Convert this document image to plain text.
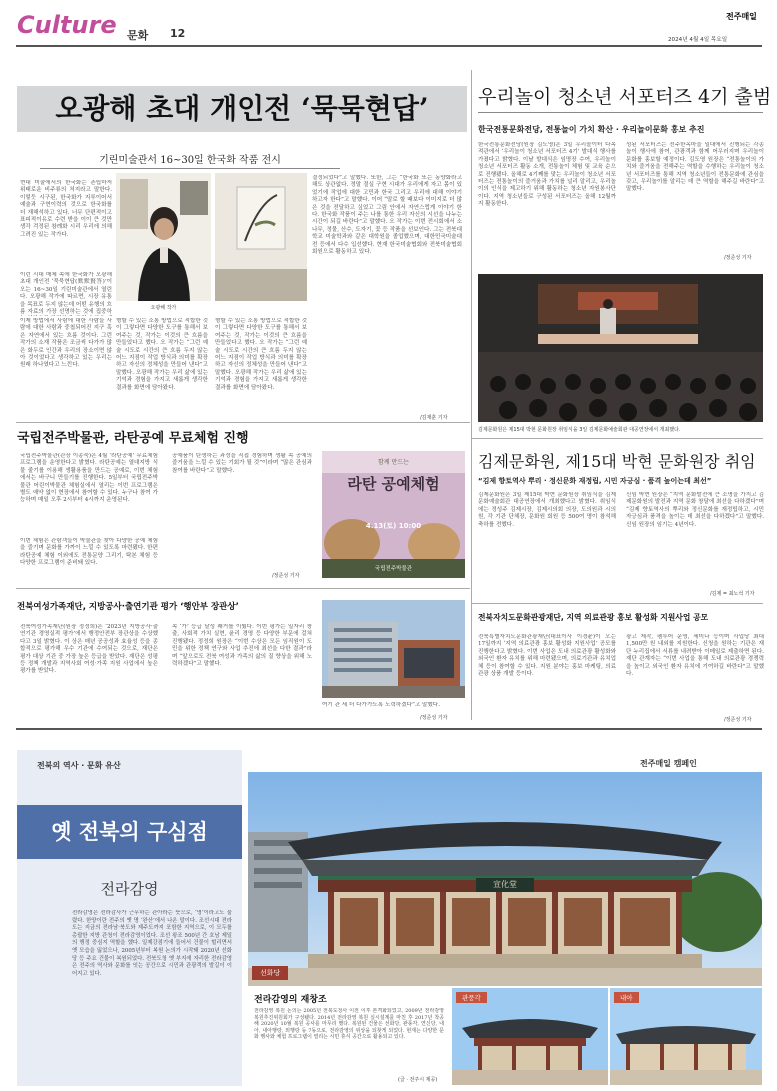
Culture 문화 12
전주매일
2024년 4월 4일 목요일
오광해 초대 개인전 ‘묵묵현답’
기린미술관서 16~30일 한국화 작품 전시
현대 미술에서의 한국화는 존립마저 위태로운 비주류의 처지라고 말한다. 이렇듯 시구된, 한국화가 지루이어서 예술과 구현이력의 것으로 한국화를 더 재해석하고 있다. 너무 단편적이고 표피적이유로 수련 받을 이이 큰 것만 생각 걱정된 참례화 시리 우리에 의해 그려진 있는 작가다.
이런 시대 매체 속에 한국화가 오광해 초대 개인전 ‘묵묵현답(默默賢答)’이 오는 16~30일 기린미술관에서 열린다. 오광해 작가에 따르면, 시장 유통을 목표로 두지 않는데 어떤 유행의 흐름 자료의 가장 선명하는 것에 집중하
오광해 작가
이제 방법에서 사람에 대한 사람들 사람에 대한 사람과 중첩되어진 지구 혹은 자연에서 있는 흐름 것이다. 그런 작가의 소재 작품은 조금씩 다가가 많은 화두로 인간과 우리의 장소이면 않아 것이었다고 생각하고 있는 우리는 원래 하나였다고 느낀다.
형할 수 있는 소통 방법으로 적합한 것이 그렇다면 다양한 도구를 통해서 보여주는 것, 작가는 이것의 큰 흐름을 만들었다고 했다. 오 작가는 “그런 예술 시도로 시간의 큰 흐름 두지 않는 어느 지점이 작업 방식과 의미를 확장하고 자신의 정체성을 만들어 낸다”고 말했다. 오광해 작가는 우리 삶에 있는 기억과 경험을 가지고 새롭게 생각한 결과를 화면에 담아왔다.
형할 수 있는 소통 방법으로 적합한 것이 그렇다면 다양한 도구를 통해서 보여주는 것, 작가는 이것의 큰 흐름을 만들었다고 했다. 오 작가는 “그런 예술 시도로 시간의 큰 흐름 두지 않는 어느 지점이 작업 방식과 의미를 확장하고 자신의 정체성을 만들어 낸다”고 말했다. 오광해 작가는 우리 삶에 있는 기억과 경험을 가지고 새롭게 생각한 결과를 화면에 담아왔다.
결정되었다”고 말했다. 또한, 그는 “한국화 또는 동양화라고 해도 상관없다. 정말 절실 구현 시대가 우리에게 자고 몸이 있었기에 작업에 대한 고민과 한국 그리고 우리에 대해 이야기 하고자 한다”고 말했다. 이어 “말로 할 때보다 이미지로 더 많은 것을 전달하고 싶었고 그림 안에서 자연스럽게 이야기 한다. 한국화 작품이 주는 나를 통한 우리 자신의 시선을 나누는 시간이 되길 바란다”고 말했다. 오 작가는 이번 전시회에서 소나무, 정물, 산수, 도자기, 꽃 등 작품을 선보인다. 그는 전북대학교 미술학과와 같은 대학원을 졸업했으며, 대한민국미술대전 등에서 다수 입선했다. 현재 한국미술협회와 전북미술협회 회원으로 활동하고 있다.
/김재훈 기자
우리놀이 청소년 서포터즈 4기 출범
한국전통문화전당, 전통놀이 가치 확산 · 우리놀이문화 홍보 추진
한국전통문화전당(원장 김도영)은 3일 우리놀이터 다목적관에서 ‘우리놀이 청소년 서포터즈 4기’ 발대식 행사를 가졌다고 밝혔다. 이날 발대식은 임명장 수여, 우리놀이 청소년 서포터즈 활동 소개, 전통놀이 체험 및 교육 순으로 진행됐다. 올해로 4기째를 맞는 우리놀이 청소년 서포터즈는 전통놀이의 즐거움과 가치를 널리 알리고, 우리놀이의 인식을 제고하기 위해 활동하는 청소년 자원봉사단이다. 지역 청소년들로 구성된 서포터즈는 올해 12월까지 활동한다.
성된 서포터즈는 전주한옥마을 일대에서 진행되는 각종 놀이 행사에 참여, 관광객과 함께 어우러지며 우리놀이 문화를 홍보할 예정이다. 김도영 원장은 “전통놀이의 가치와 즐거움을 전해주는 역할을 수행하는 우리놀이 청소년 서포터즈를 통해 지역 청소년들이 전통문화에 관심을 갖고, 우리놀이를 알리는 데 큰 역할을 해주길 바란다”고 말했다.
/정준성 기자
김제문화원은 제15대 박현 문화원장 취임식을 3일 김제문화예술회관 대공연장에서 개최했다.
국립전주박물관, 라탄공예 무료체험 진행
국립전주박물관(관장 이종숙)은 4월 ‘라탄공예’ 무료체험 프로그램을 운영한다고 밝혔다. 라탄공예는 열대지방 식물 줄기를 이용해 생활용품을 만드는 공예로, 이번 체험에서는 바구니 만들기를 진행한다. 5일부터 국립전주박물관 어린이박물관 체험실에서 열리는 이번 프로그램은 별도 예약 없이 현장에서 참여할 수 있다. 누구나 참여 가능하며 매일 오후 2시부터 4시까지 운영된다.
이번 체험은 관람객들이 박물관을 찾아 다양한 공예 체험을 즐기며 문화를 가까이 느낄 수 있도록 마련됐다. 한편 라탄공예 체험 이외에도 전통문양 그리기, 탁본 체험 등 다양한 프로그램이 준비돼 있다.
공예품이 탄생하는 과정을 직접 경험하며 생활 속 공예의 즐거움을 느낄 수 있는 기회가 될 것”이라며 “많은 관심과 참여를 바란다”고 말했다.
/정준성 기자
함께 만드는
라탄 공예체험
4.13(토) 10:00
국립전주박물관
김제문화원, 제15대 박현 문화원장 취임
“김제 향토역사 뿌리 · 정신문화 재정립, 시민 자긍심 · 품격 높이는데 최선”
김제문화원은 3일 제15대 박현 문화원장 취임식을 김제문화예술회관 대공연장에서 개최했다고 밝혔다. 취임식에는 정성주 김제시장, 김제시의회 의장, 도의원과 시의원, 각 기관 단체장, 문화원 회원 등 500여 명이 참석해 축하를 전했다.
신임 박현 원장은 “지역 문화발전에 큰 소명을 가지고 김제문화원의 발전과 지역 문화 창달에 최선을 다하겠다”며 “김제 향토역사의 뿌리와 정신문화를 재정립하고, 시민 자긍심과 품격을 높이는 데 최선을 다하겠다”고 말했다. 신임 원장의 임기는 4년이다.
/김제 = 최노석 기자
전북여성가족재단, 지방공사·출연기관 평가 ‘행안부 장관상’
전북여성가족재단(원장 정정희)은 ‘2023년 지방공사·출연기관 경영실적 평가’에서 행정안전부 장관상을 수상했다고 3일 밝혔다. 이 상은 매년 공공성과 효율성 등을 종합적으로 평가해 우수 기관에 수여되는 것으로, 재단은 평가 대상 기관 중 가장 높은 등급을 받았다. 재단은 성평등 정책 개발과 지역사회 여성·가족 지원 사업에서 높은 평가를 받았다.
속 ‘가’ 등급 달성 쾌거를 이뤘다. 이번 평가는 일자리 창출, 사회적 가치 실현, 윤리 경영 등 다양한 부문에 걸쳐 진행됐다. 정정희 원장은 “이번 수상은 모든 임직원이 도민을 위한 정책 연구와 사업 추진에 최선을 다한 결과”라며 “앞으로도 전북 여성과 가족의 삶의 질 향상을 위해 노력하겠다”고 말했다.
여기 관 세 더 다가가도록 노력하겠다”고 말했다.
/정준성 기자
전북자치도문화관광재단, 지역 의료관광 홍보 활성화 지원사업 공모
전북특별자치도문화관광재단(대표이사 이경윤)이 오는 17일까지 ‘지역 의료관광 홍보 활성화 지원사업’ 공모를 진행한다고 밝혔다. 이번 사업은 도내 의료관광 활성화와 외국인 환자 유치를 위해 마련됐으며, 의료기관과 유치업체 등이 참여할 수 있다. 지원 분야는 홍보 마케팅, 의료관광 상품 개발 등이다.
광고 제작, 팸투어 운영, 세미나 등이며 사업당 최대 1,500만 원 내외를 지원한다. 신청을 원하는 기관은 재단 누리집에서 서류를 내려받아 이메일로 제출하면 된다. 재단 관계자는 “이번 사업을 통해 도내 의료관광 경쟁력을 높이고 외국인 환자 유치에 기여하길 바란다”고 말했다.
/정준성 기자
전북의 역사 · 문화 유산
옛 전북의 구심점
전라감영
전라감영은 전라감사가 근무하는 관아라는 뜻으로, ‘영’이라고도 불렸다. 한양이란 전주의 옛 명 ‘완산’에서 나온 말이다. 조선시대 전라도는 지금의 전라남·북도와 제주도까지 포함한 지역으로, 이 모두를 총괄한 지방 관청이 전라감영이었다. 조선 왕조 500년 간 호남 제일의 행정 중심지 역할을 했다. 일제강점기에 들어서 건물이 헐리면서 옛 모습을 잃었으나, 2005년부터 복원 논의가 시작돼 2020년 선화당 등 주요 건물이 복원되었다. 전북도청 옛 부지에 자리한 전라감영은 전주의 역사와 문화를 잇는 공간으로 시민과 관광객의 발길이 이어지고 있다.
전주매일 캠페인
宣化堂
선화당
전라감영의 재창조
전라감영 복원 논의는 2005년 전북도청사 이전 이후 본격화되었고, 2009년 전라감영 복원추진위원회가 구성됐다. 2014년 전라감영 복원 실시설계를 마친 후 2017년 착공해 2020년 10월 복원 공사를 마무리 했다. 복원된 건물은 선화당, 관풍각, 연신당, 내아, 내아행랑, 외행랑 등 7동으로, 전라감영의 위상을 되찾게 되었다. 현재는 다양한 문화 행사와 체험 프로그램이 열리는 시민 휴식 공간으로 활용되고 있다.
(글 · 전주시 제공)
관풍각	내아
